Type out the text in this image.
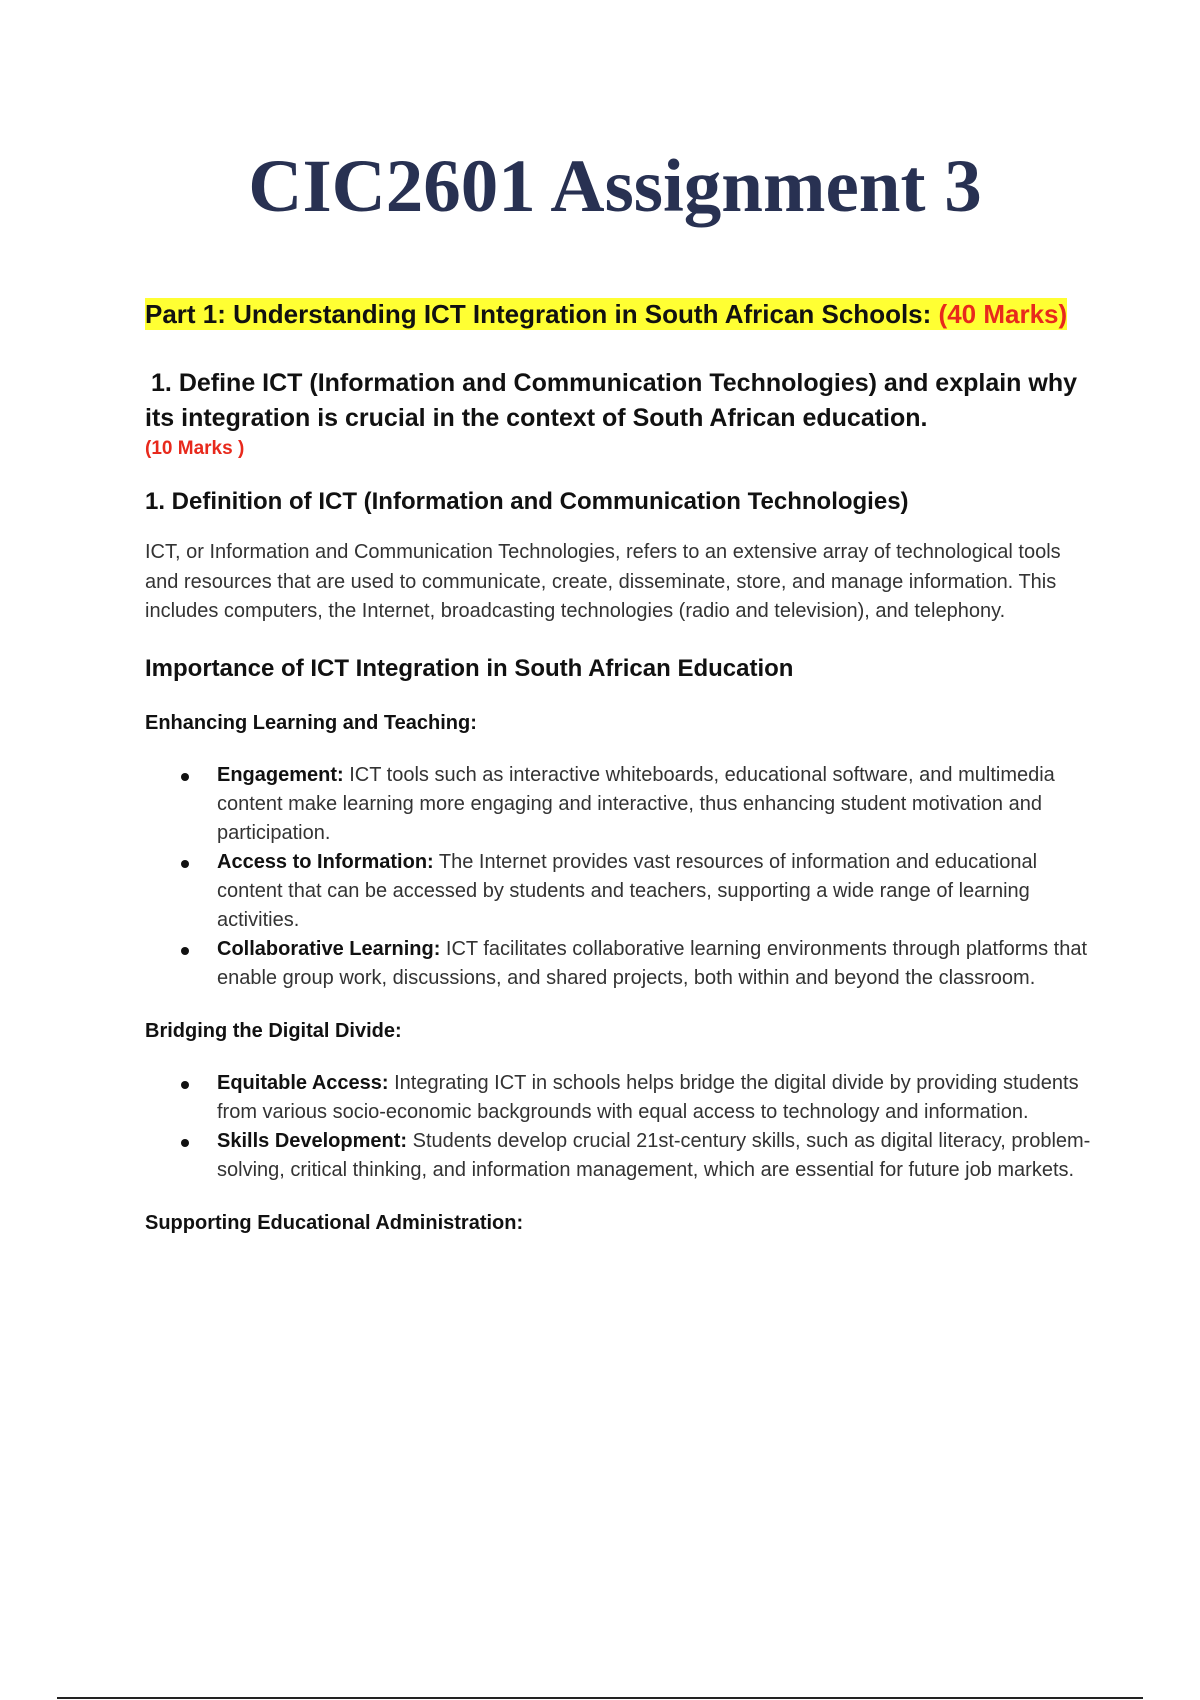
CIC2601 Assignment 3
Part 1: Understanding ICT Integration in South African Schools: (40 Marks)

1. Define ICT (Information and Communication Technologies) and explain why its integration is crucial in the context of South African education.

(10 Marks )

1. Definition of ICT (Information and Communication Technologies)

ICT, or Information and Communication Technologies, refers to an extensive array of technological tools and resources that are used to communicate, create, disseminate, store, and manage information. This includes computers, the Internet, broadcasting technologies (radio and television), and telephony.

Importance of ICT Integration in South African Education
Enhancing Learning and Teaching:
Engagement: ICT tools such as interactive whiteboards, educational software, and multimedia content make learning more engaging and interactive, thus enhancing student motivation and participation.
Access to Information: The Internet provides vast resources of information and educational content that can be accessed by students and teachers, supporting a wide range of learning activities.
Collaborative Learning: ICT facilitates collaborative learning environments through platforms that enable group work, discussions, and shared projects, both within and beyond the classroom.
Bridging the Digital Divide:
Equitable Access: Integrating ICT in schools helps bridge the digital divide by providing students from various socio-economic backgrounds with equal access to technology and information.
Skills Development: Students develop crucial 21st-century skills, such as digital literacy, problem-solving, critical thinking, and information management, which are essential for future job markets.
Supporting Educational Administration:
